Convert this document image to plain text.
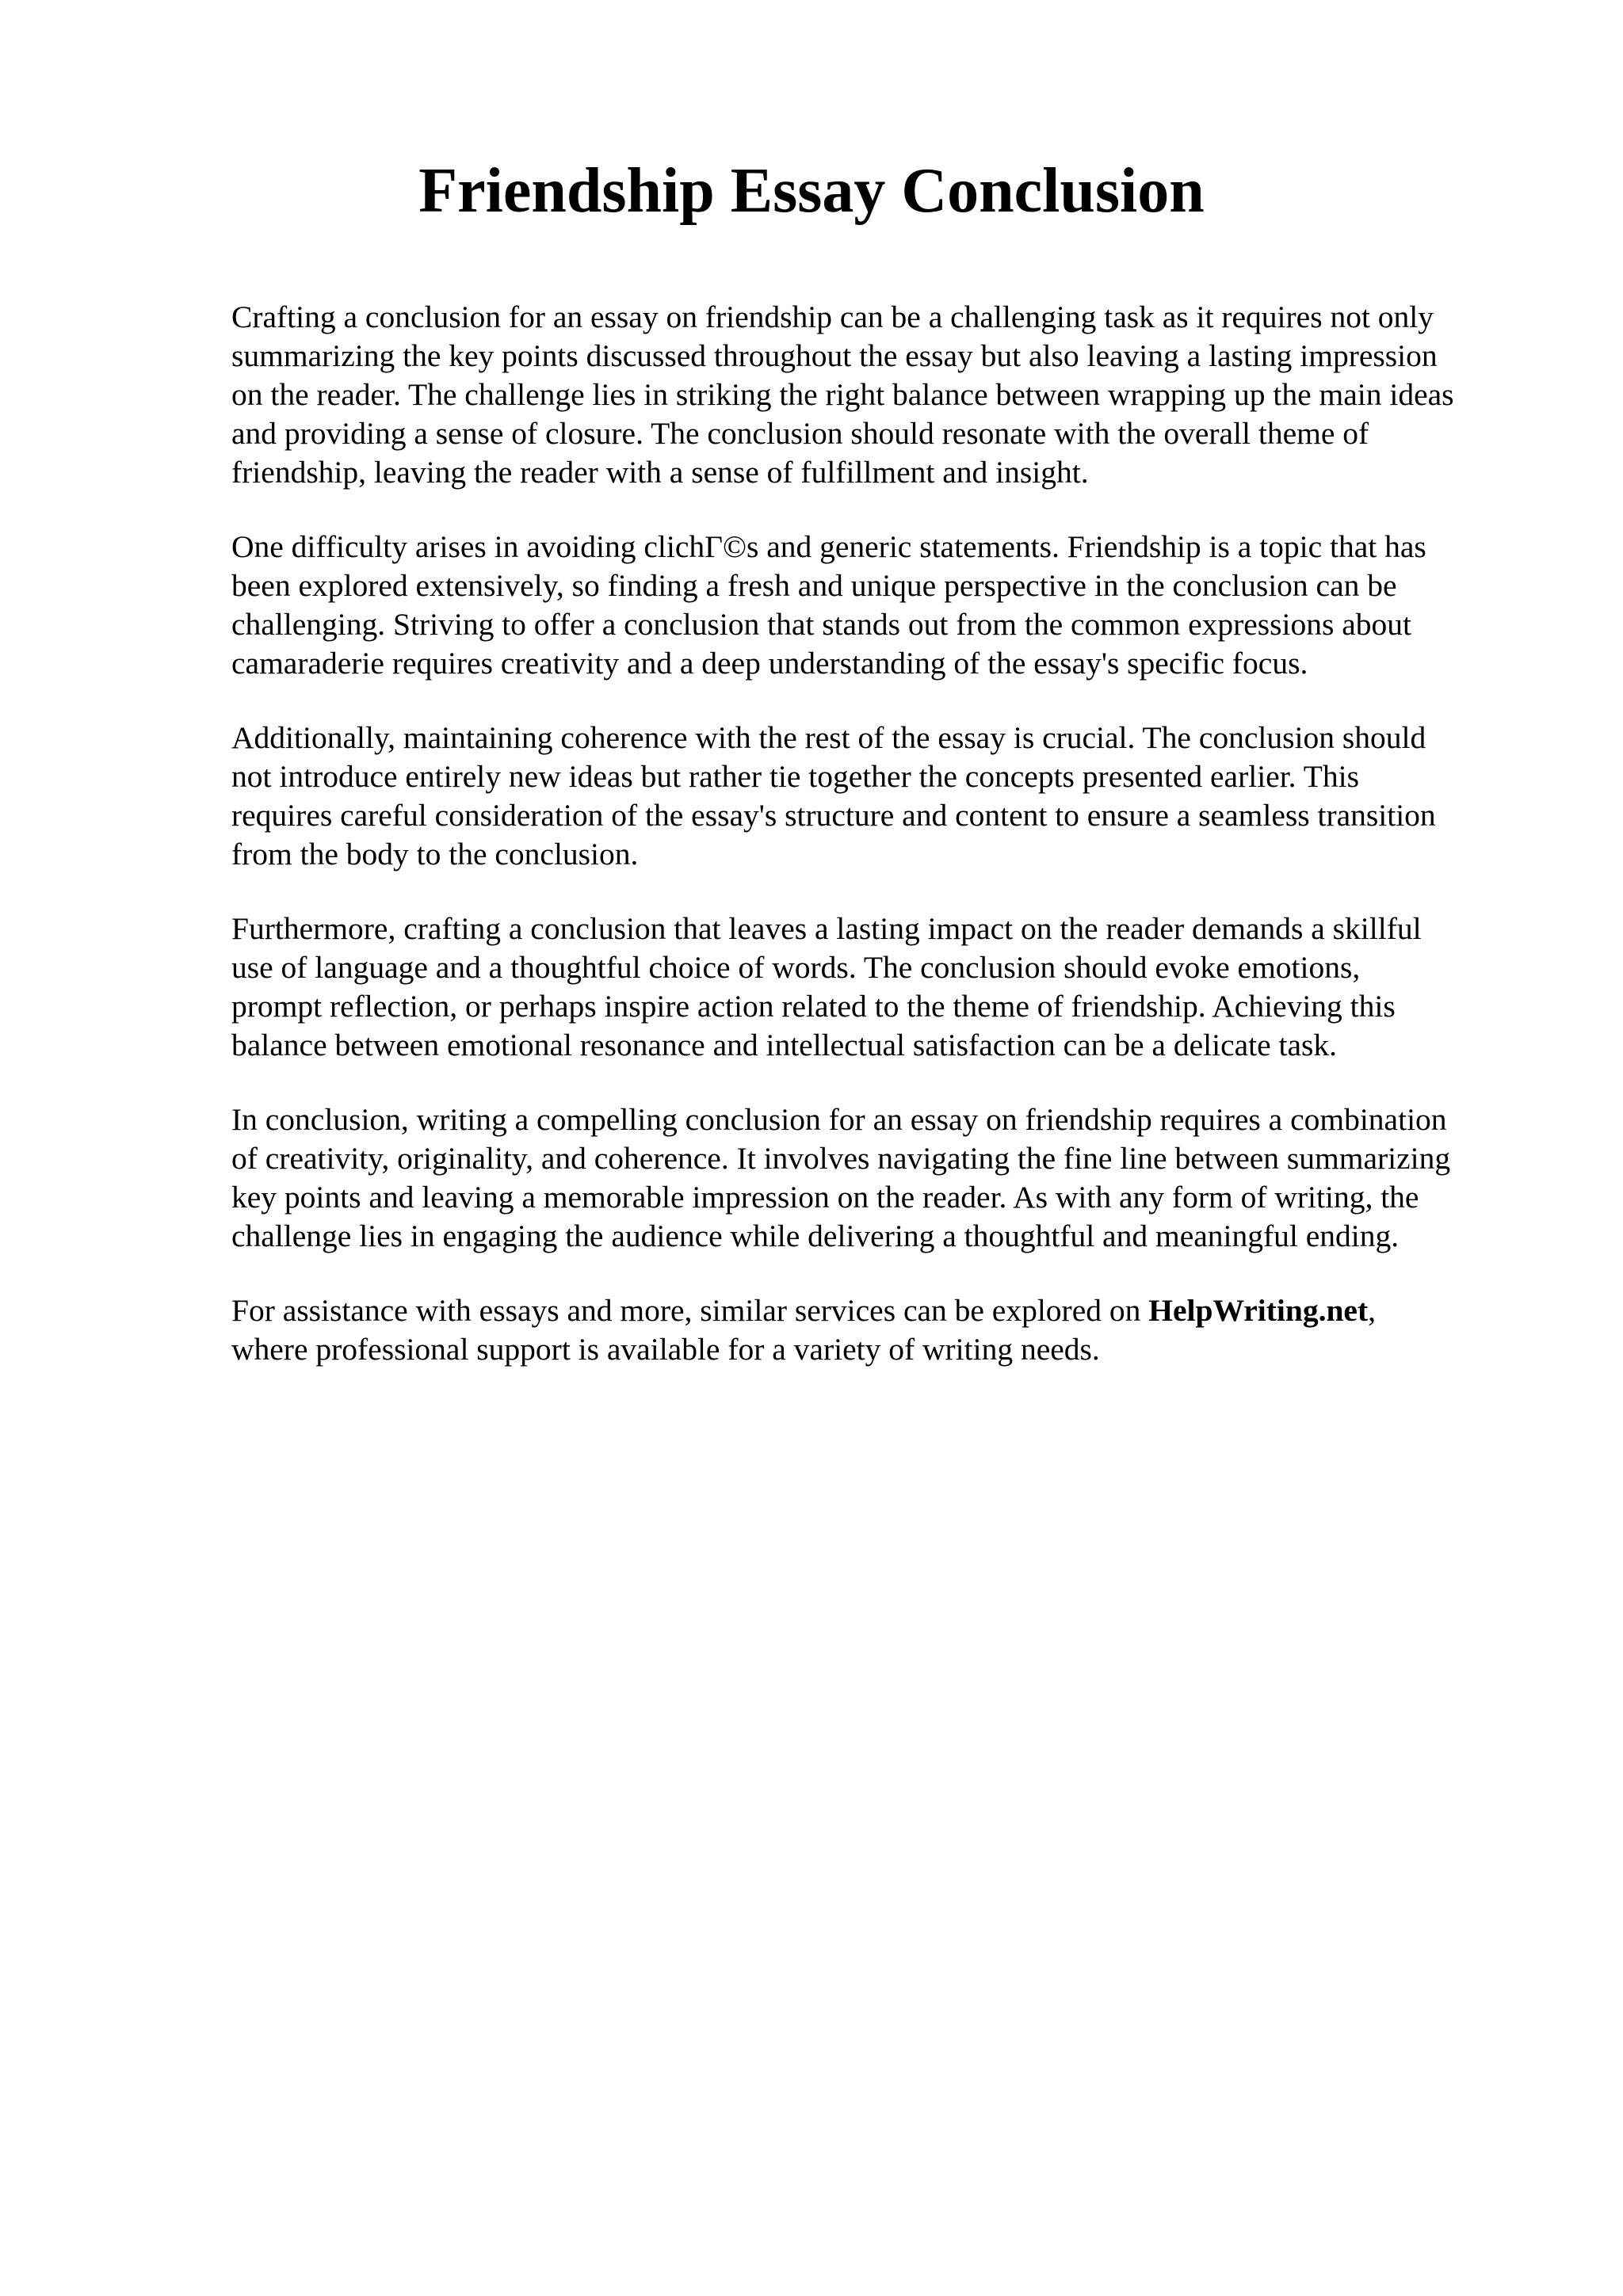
Friendship Essay Conclusion

Crafting a conclusion for an essay on friendship can be a challenging task as it requires not only
summarizing the key points discussed throughout the essay but also leaving a lasting impression
on the reader. The challenge lies in striking the right balance between wrapping up the main ideas
and providing a sense of closure. The conclusion should resonate with the overall theme of
friendship, leaving the reader with a sense of fulfillment and insight.

One difficulty arises in avoiding clichΓ©s and generic statements. Friendship is a topic that has
been explored extensively, so finding a fresh and unique perspective in the conclusion can be
challenging. Striving to offer a conclusion that stands out from the common expressions about
camaraderie requires creativity and a deep understanding of the essay's specific focus.

Additionally, maintaining coherence with the rest of the essay is crucial. The conclusion should
not introduce entirely new ideas but rather tie together the concepts presented earlier. This
requires careful consideration of the essay's structure and content to ensure a seamless transition
from the body to the conclusion.

Furthermore, crafting a conclusion that leaves a lasting impact on the reader demands a skillful
use of language and a thoughtful choice of words. The conclusion should evoke emotions,
prompt reflection, or perhaps inspire action related to the theme of friendship. Achieving this
balance between emotional resonance and intellectual satisfaction can be a delicate task.

In conclusion, writing a compelling conclusion for an essay on friendship requires a combination
of creativity, originality, and coherence. It involves navigating the fine line between summarizing
key points and leaving a memorable impression on the reader. As with any form of writing, the
challenge lies in engaging the audience while delivering a thoughtful and meaningful ending.

For assistance with essays and more, similar services can be explored on HelpWriting.net,
where professional support is available for a variety of writing needs.
